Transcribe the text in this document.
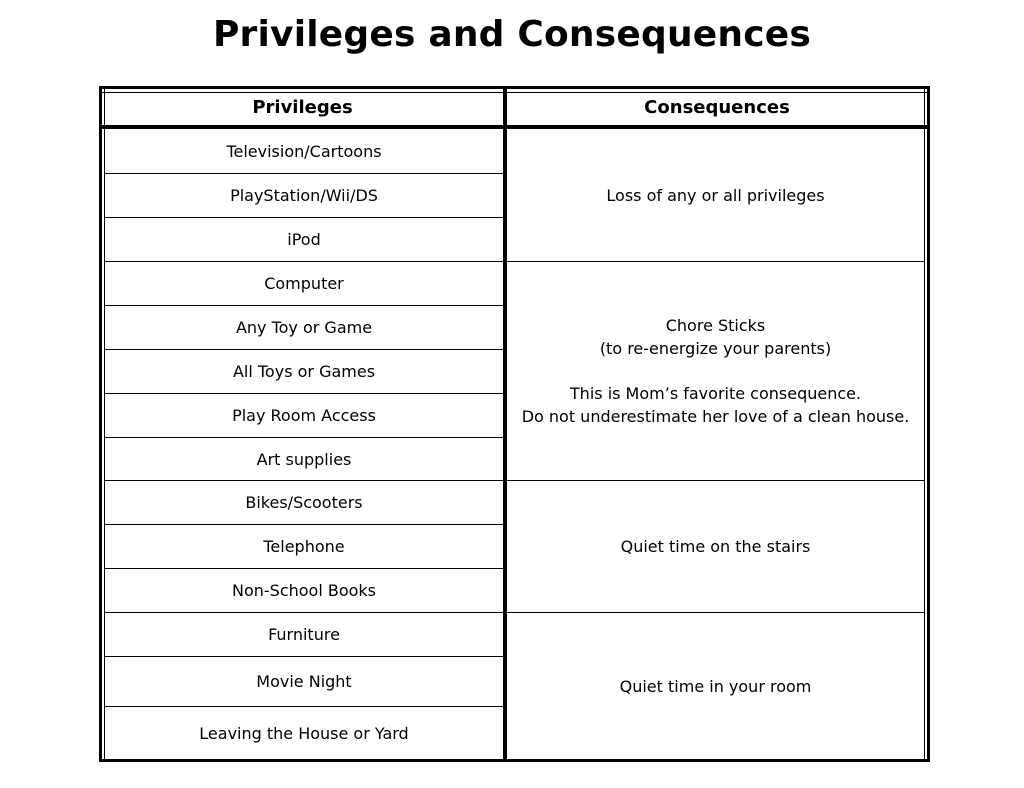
Privileges and Consequences
Privileges	Consequences
Television/Cartoons
PlayStation/Wii/DS
iPod
Computer
Any Toy or Game
All Toys or Games
Play Room Access
Art supplies
Bikes/Scooters
Telephone
Non-School Books
Furniture
Movie Night
Leaving the House or Yard
Loss of any or all privileges
Chore Sticks
(to re-energize your parents)
This is Mom’s favorite consequence.
Do not underestimate her love of a clean house.
Quiet time on the stairs
Quiet time in your room
